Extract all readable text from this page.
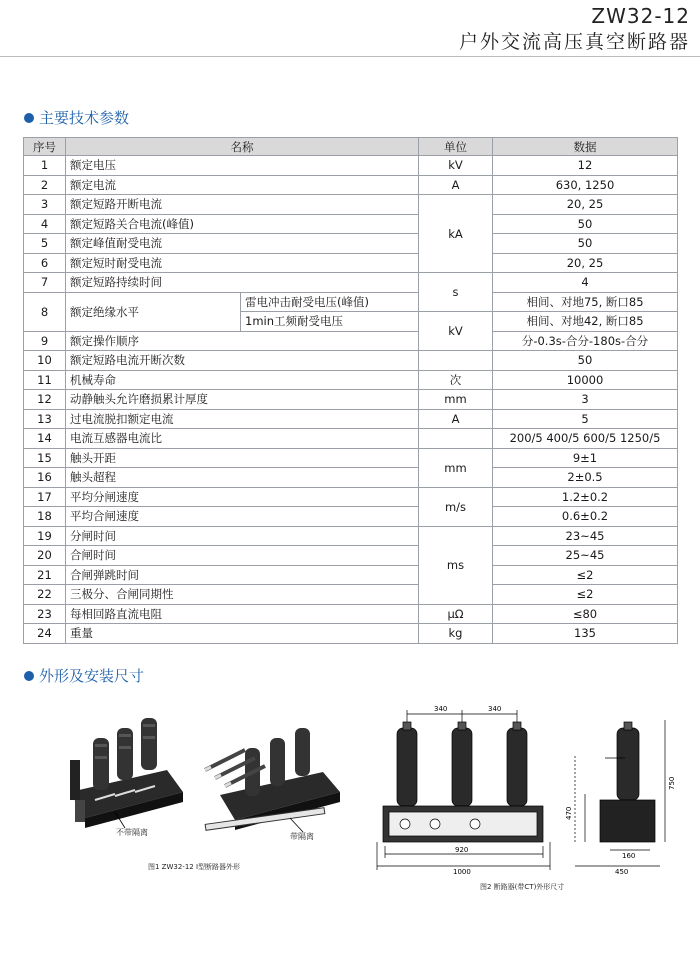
ZW32-12
户外交流高压真空断路器
主要技术参数
序号	名称		单位	数据
1	额定电压		kV	12
2	额定电流		A	630, 1250
3	额定短路开断电流		kA	20, 25
4	额定短路关合电流(峰值)			50
5	额定峰值耐受电流			50
6	额定短时耐受电流			20, 25
7	额定短路持续时间		s	4
8	额定绝缘水平	雷电冲击耐受电压(峰值)		相间、对地75, 断口85
		1min工频耐受电压	kV	相间、对地42, 断口85
9	额定操作顺序			分-0.3s-合分-180s-合分
10	额定短路电流开断次数			50
11	机械寿命		次	10000
12	动静触头允许磨损累计厚度		mm	3
13	过电流脱扣额定电流		A	5
14	电流互感器电流比			200/5 400/5 600/5 1250/5
15	触头开距		mm	9±1
16	触头超程			2±0.5
17	平均分闸速度		m/s	1.2±0.2
18	平均合闸速度			0.6±0.2
19	分闸时间		ms	23~45
20	合闸时间			25~45
21	合闸弹跳时间			≤2
22	三极分、合闸同期性			≤2
23	每相回路直流电阻		μΩ	≤80
24	重量		kg	135
外形及安装尺寸
不带隔离	带隔离
图1 ZW32-12 Ⅰ型断路器外形
340	340
920
1000
470
750
160
450
图2 断路器(带CT)外形尺寸
